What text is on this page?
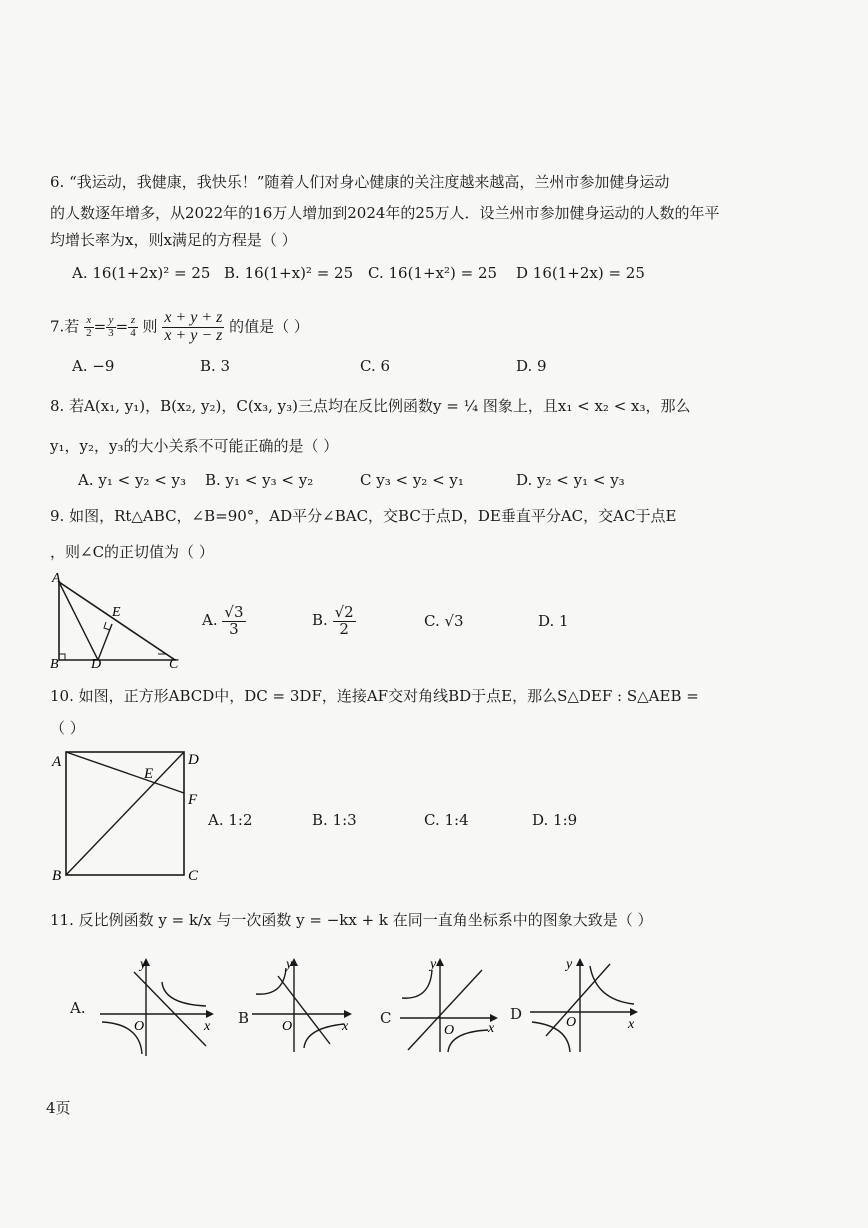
6. “我运动，我健康，我快乐！”随着人们对身心健康的关注度越来越高，兰州市参加健身运动
的人数逐年增多，从2022年的16万人增加到2024年的25万人．设兰州市参加健身运动的人数的年平
均增长率为x，则x满足的方程是（ ）
A. 16(1+2x)² = 25 B. 16(1+x)² = 25 C. 16(1+x²) = 25 D 16(1+2x) = 25
7.若 $\frac{x}{2} = \frac{y}{3} = \frac{z}{4}$ 则 $\frac{x + y + z}{x + y - z}$ 的值是（ ）
A. −9	B. 3	C. 6	D. 9
8. 若A(x₁, y₁)，B(x₂, y₂)，C(x₃, y₃)三点均在反比例函数y = ¼ 图象上，且x₁ < x₂ < x₃，那么
y₁，y₂，y₃的大小关系不可能正确的是（ ）
A. y₁ < y₂ < y₃ B. y₁ < y₃ < y₂	C y₃ < y₂ < y₁	D. y₂ < y₁ < y₃
9. 如图，Rt△ABC，∠B=90°，AD平分∠BAC，交BC于点D，DE垂直平分AC，交AC于点E
，则∠C的正切值为（ ）
A
E
B D	C
A. $\frac{√3}{3}$	B. $\frac{√2}{2}$	C. √3	D. 1
10. 如图，正方形ABCD中，DC = 3DF，连接AF交对角线BD于点E，那么S△DEF : S△AEB =
（ ）
A	D
E
F
B	C
A. 1:2	B. 1:3	C. 1:4	D. 1:9
11. 反比例函数 y = k/x 与一次函数 y = −kx + k 在同一直角坐标系中的图象大致是（ ）
A.
y
x
O	B
y
x
O	C
y
x
O
D
y
x
O
4页
